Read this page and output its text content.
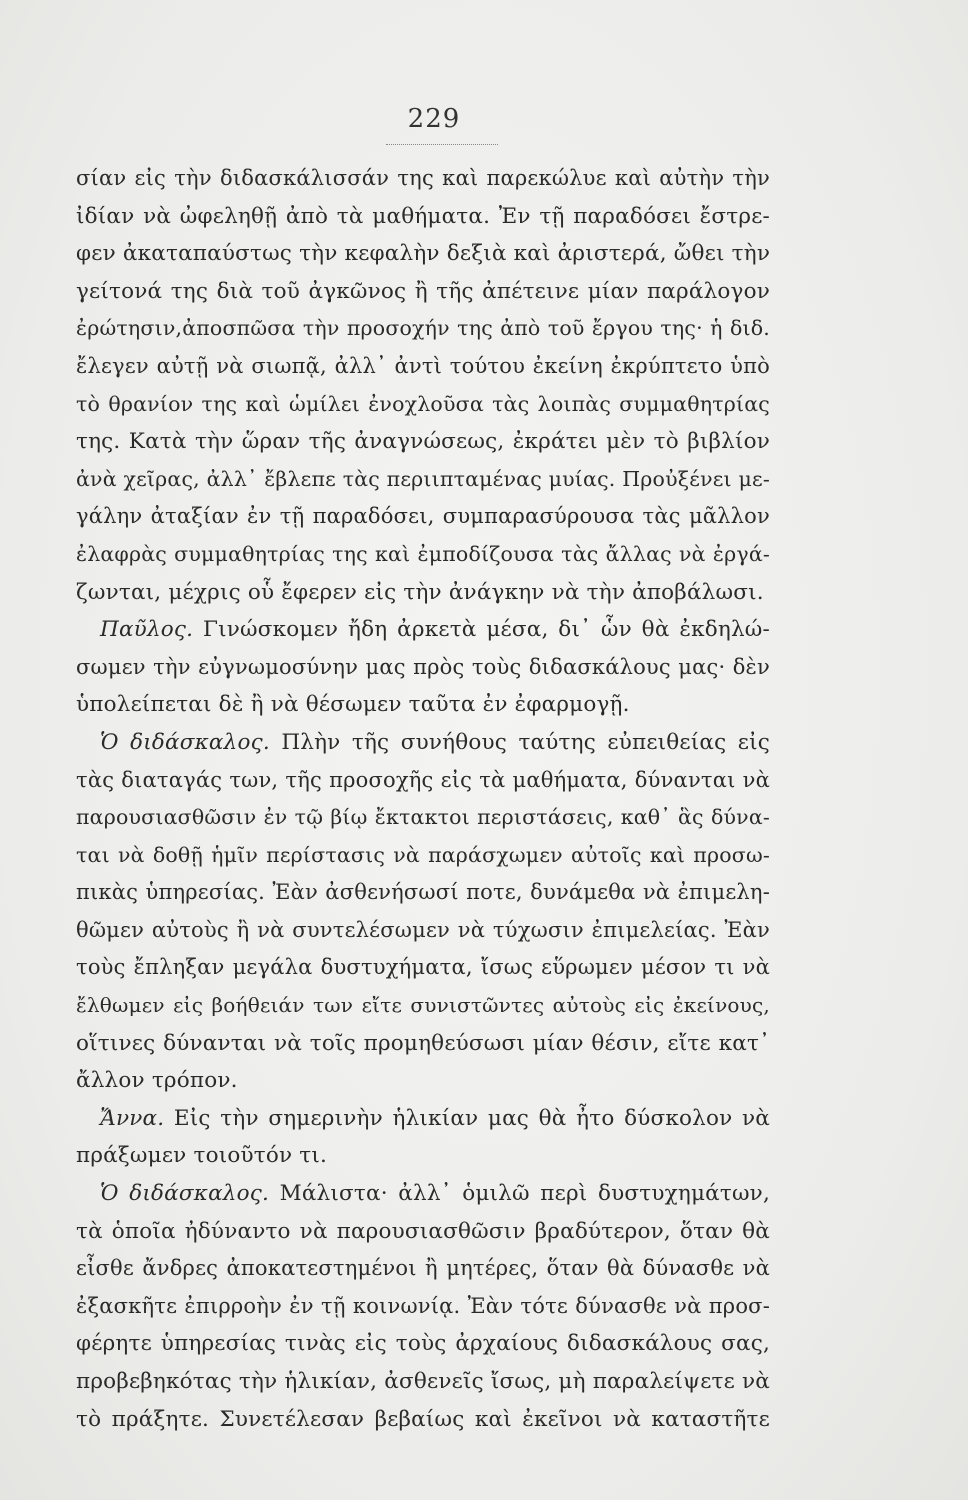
229
σίαν εἰς τὴν διδασκάλισσάν της καὶ παρεκώλυε καὶ αὐτὴν τὴν
ἰδίαν νὰ ὠφεληθῇ ἀπὸ τὰ μαθήματα. Ἐν τῇ παραδόσει ἔστρε-
φεν ἀκαταπαύστως τὴν κεφαλὴν δεξιὰ καὶ ἀριστερά, ὤθει τὴν
γείτονά της διὰ τοῦ ἀγκῶνος ἢ τῆς ἀπέτεινε μίαν παράλογον
ἐρώτησιν,ἀποσπῶσα τὴν προσοχήν της ἀπὸ τοῦ ἔργου της· ἡ διδ.
ἔλεγεν αὐτῇ νὰ σιωπᾷ, ἀλλ᾽ ἀντὶ τούτου ἐκείνη ἐκρύπτετο ὑπὸ
τὸ θρανίον της καὶ ὡμίλει ἐνοχλοῦσα τὰς λοιπὰς συμμαθητρίας
της. Κατὰ τὴν ὥραν τῆς ἀναγνώσεως, ἐκράτει μὲν τὸ βιβλίον
ἀνὰ χεῖρας, ἀλλ᾽ ἔβλεπε τὰς περιιπταμένας μυίας. Προὐξένει με-
γάλην ἀταξίαν ἐν τῇ παραδόσει, συμπαρασύρουσα τὰς μᾶλλον
ἐλαφρὰς συμμαθητρίας της καὶ ἐμποδίζουσα τὰς ἄλλας νὰ ἐργά-
ζωνται, μέχρις οὗ ἔφερεν εἰς τὴν ἀνάγκην νὰ τὴν ἀποβάλωσι.
Παῦλος. Γινώσκομεν ἤδη ἀρκετὰ μέσα, δι᾽ ὧν θὰ ἐκδηλώ-
σωμεν τὴν εὐγνωμοσύνην μας πρὸς τοὺς διδασκάλους μας· δὲν
ὑπολείπεται δὲ ἢ νὰ θέσωμεν ταῦτα ἐν ἐφαρμογῇ.
Ὁ διδάσκαλος. Πλὴν τῆς συνήθους ταύτης εὐπειθείας εἰς
τὰς διαταγάς των, τῆς προσοχῆς εἰς τὰ μαθήματα, δύνανται νὰ
παρουσιασθῶσιν ἐν τῷ βίῳ ἔκτακτοι περιστάσεις, καθ᾽ ἃς δύνα-
ται νὰ δοθῇ ἡμῖν περίστασις νὰ παράσχωμεν αὐτοῖς καὶ προσω-
πικὰς ὑπηρεσίας. Ἐὰν ἀσθενήσωσί ποτε, δυνάμεθα νὰ ἐπιμελη-
θῶμεν αὐτοὺς ἢ νὰ συντελέσωμεν νὰ τύχωσιν ἐπιμελείας. Ἐὰν
τοὺς ἔπληξαν μεγάλα δυστυχήματα, ἴσως εὕρωμεν μέσον τι νὰ
ἔλθωμεν εἰς βοήθειάν των εἴτε συνιστῶντες αὐτοὺς εἰς ἐκείνους,
οἵτινες δύνανται νὰ τοῖς προμηθεύσωσι μίαν θέσιν, εἴτε κατ᾽
ἄλλον τρόπον.
Ἄννα. Εἰς τὴν σημερινὴν ἡλικίαν μας θὰ ἦτο δύσκολον νὰ
πράξωμεν τοιοῦτόν τι.
Ὁ διδάσκαλος. Μάλιστα· ἀλλ᾽ ὁμιλῶ περὶ δυστυχημάτων,
τὰ ὁποῖα ἠδύναντο νὰ παρουσιασθῶσιν βραδύτερον, ὅταν θὰ
εἶσθε ἄνδρες ἀποκατεστημένοι ἢ μητέρες, ὅταν θὰ δύνασθε νὰ
ἐξασκῆτε ἐπιρροὴν ἐν τῇ κοινωνίᾳ. Ἐὰν τότε δύνασθε νὰ προσ-
φέρητε ὑπηρεσίας τινὰς εἰς τοὺς ἀρχαίους διδασκάλους σας,
προβεβηκότας τὴν ἡλικίαν, ἀσθενεῖς ἴσως, μὴ παραλείψετε νὰ
τὸ πράξητε. Συνετέλεσαν βεβαίως καὶ ἐκεῖνοι νὰ καταστῆτε
